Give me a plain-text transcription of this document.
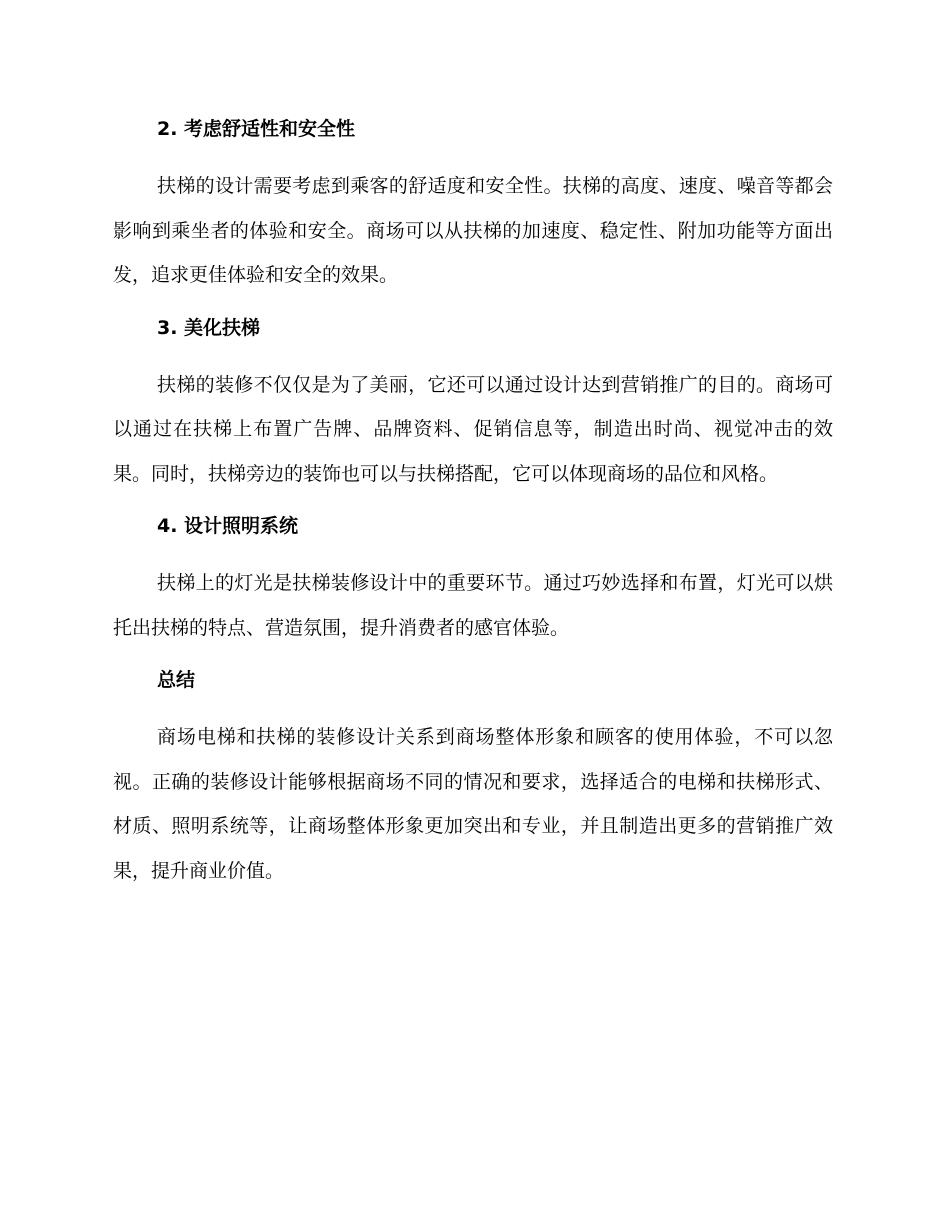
2. 考虑舒适性和安全性

扶梯的设计需要考虑到乘客的舒适度和安全性。扶梯的高度、速度、噪音等都会影响到乘坐者的体验和安全。商场可以从扶梯的加速度、稳定性、附加功能等方面出发，追求更佳体验和安全的效果。

3. 美化扶梯

扶梯的装修不仅仅是为了美丽，它还可以通过设计达到营销推广的目的。商场可以通过在扶梯上布置广告牌、品牌资料、促销信息等，制造出时尚、视觉冲击的效果。同时，扶梯旁边的装饰也可以与扶梯搭配，它可以体现商场的品位和风格。

4. 设计照明系统

扶梯上的灯光是扶梯装修设计中的重要环节。通过巧妙选择和布置，灯光可以烘托出扶梯的特点、营造氛围，提升消费者的感官体验。

总结

商场电梯和扶梯的装修设计关系到商场整体形象和顾客的使用体验，不可以忽视。正确的装修设计能够根据商场不同的情况和要求，选择适合的电梯和扶梯形式、材质、照明系统等，让商场整体形象更加突出和专业，并且制造出更多的营销推广效果，提升商业价值。
